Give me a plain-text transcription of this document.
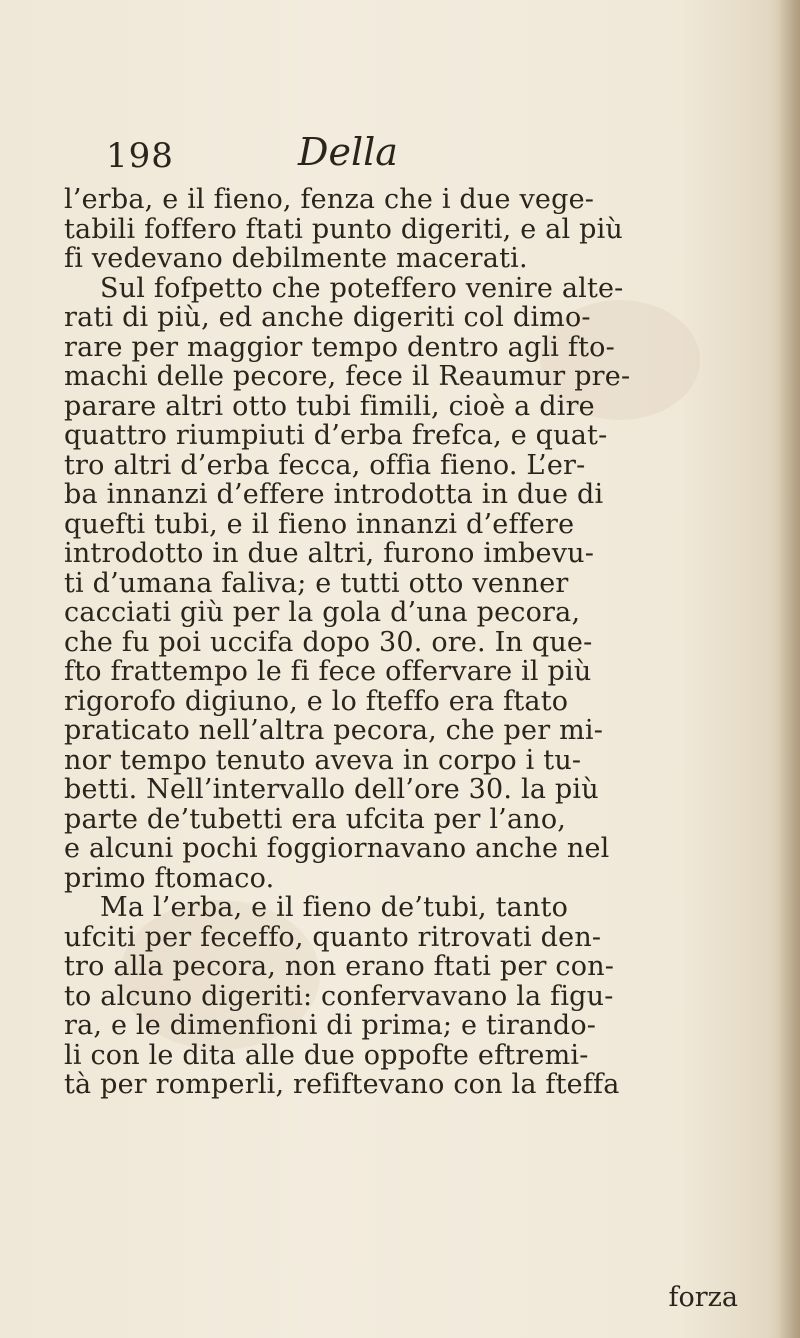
198	Della
l’erba, e il fieno, fenza che i due vege-
tabili foffero ftati punto digeriti, e al più
fi vedevano debilmente macerati.
Sul fofpetto che poteffero venire alte-
rati di più, ed anche digeriti col dimo-
rare per maggior tempo dentro agli fto-
machi delle pecore, fece il Reaumur pre-
parare altri otto tubi fimili, cioè a dire
quattro riumpiuti d’erba frefca, e quat-
tro altri d’erba fecca, offia fieno. L’er-
ba innanzi d’effere introdotta in due di
quefti tubi, e il fieno innanzi d’effere
introdotto in due altri, furono imbevu-
ti d’umana faliva; e tutti otto venner
cacciati giù per la gola d’una pecora,
che fu poi uccifa dopo 30. ore. In que-
fto frattempo le fi fece offervare il più
rigorofo digiuno, e lo fteffo era ftato
praticato nell’altra pecora, che per mi-
nor tempo tenuto aveva in corpo i tu-
betti. Nell’intervallo dell’ore 30. la più
parte de’tubetti era ufcita per l’ano,
e alcuni pochi foggiornavano anche nel
primo ftomaco.
Ma l’erba, e il fieno de’tubi, tanto
ufciti per feceffo, quanto ritrovati den-
tro alla pecora, non erano ftati per con-
to alcuno digeriti: confervavano la figu-
ra, e le dimenfioni di prima; e tirando-
li con le dita alle due oppofte eftremi-
tà per romperli, refiftevano con la fteffa
forza
